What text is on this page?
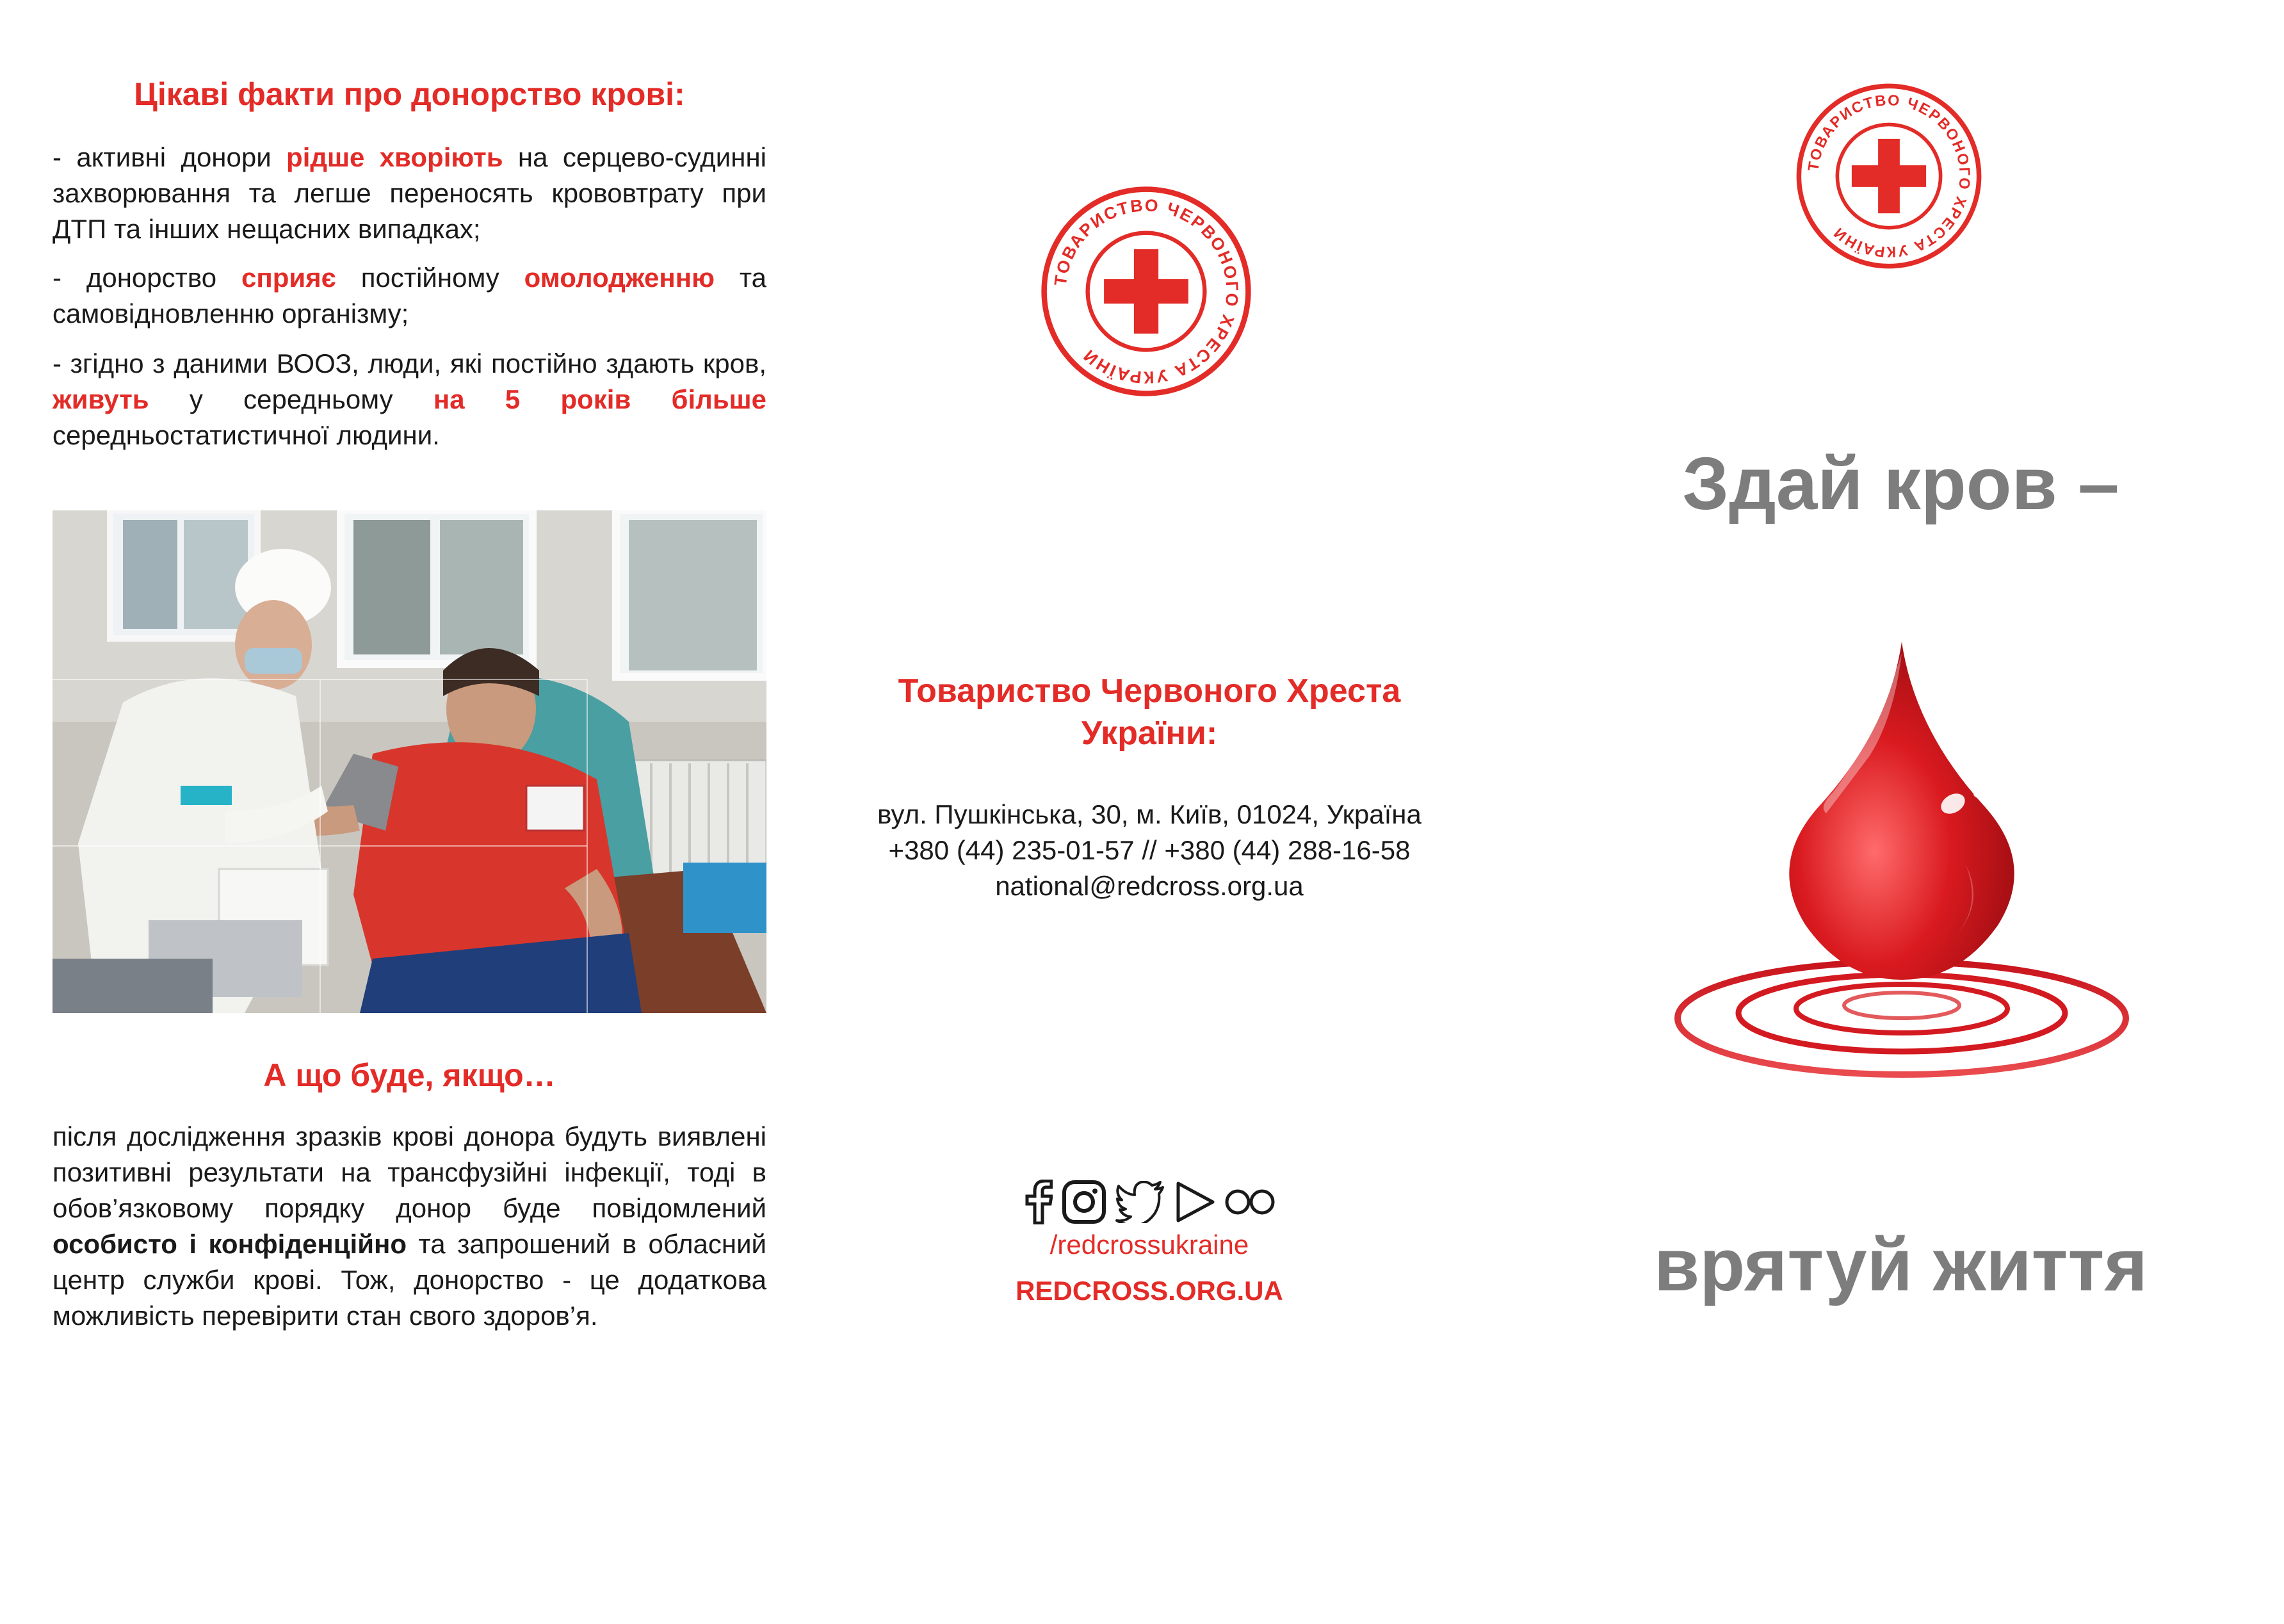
Цікаві факти про донорство крові:
- активні донори рідше хворіють на серцево-судинні захворювання та легше переносять крововтрату при ДТП та інших нещасних випадках;
- донорство сприяє постійному омолодженню та самовідновленню організму;
- згідно з даними ВООЗ, люди, які постійно здають кров, живуть у середньому на 5 років більше середньостатистичної людини.
А що буде, якщо…
після дослідження зразків крові донора будуть виявлені позитивні результати на трансфузійні інфекції, тоді в обов’язковому порядку донор буде повідомлений особисто і конфіденційно та запрошений в обласний центр служби крові. Тож, донорство - це додаткова можливість перевірити стан свого здоров’я.
ТОВАРИСТВО ЧЕРВОНОГО ХРЕСТА УКРАЇНИ
Товариство Червоного Хреста
України:
вул. Пушкінська, 30, м. Київ, 01024, Україна
+380 (44) 235-01-57 // +380 (44) 288-16-58
national@redcross.org.ua
/redcrossukraine
REDCROSS.ORG.UA
ТОВАРИСТВО ЧЕРВОНОГО ХРЕСТА УКРАЇНИ
Здай кров –
врятуй життя
